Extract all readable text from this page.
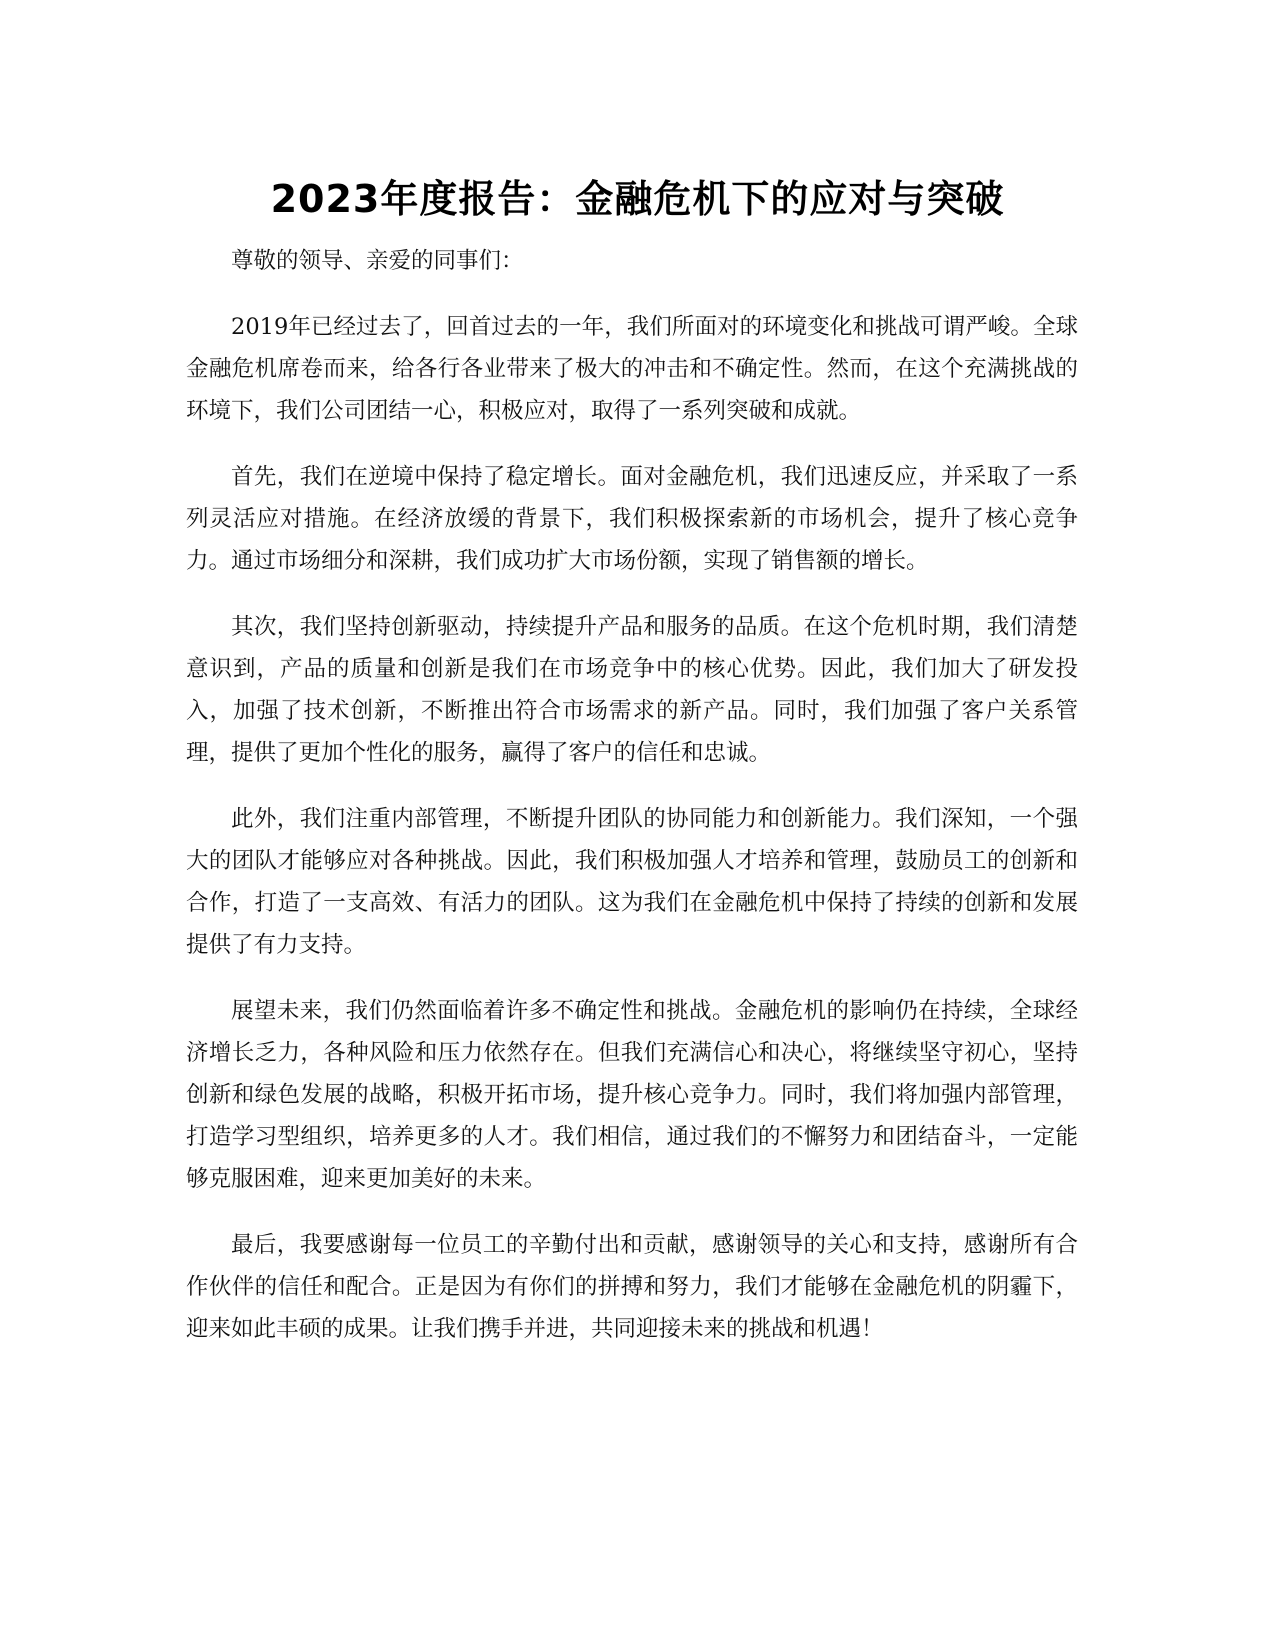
2023年度报告：金融危机下的应对与突破

尊敬的领导、亲爱的同事们：

2019年已经过去了，回首过去的一年，我们所面对的环境变化和挑战可谓严峻。全球金融危机席卷而来，给各行各业带来了极大的冲击和不确定性。然而，在这个充满挑战的环境下，我们公司团结一心，积极应对，取得了一系列突破和成就。

首先，我们在逆境中保持了稳定增长。面对金融危机，我们迅速反应，并采取了一系列灵活应对措施。在经济放缓的背景下，我们积极探索新的市场机会，提升了核心竞争力。通过市场细分和深耕，我们成功扩大市场份额，实现了销售额的增长。

其次，我们坚持创新驱动，持续提升产品和服务的品质。在这个危机时期，我们清楚意识到，产品的质量和创新是我们在市场竞争中的核心优势。因此，我们加大了研发投入，加强了技术创新，不断推出符合市场需求的新产品。同时，我们加强了客户关系管理，提供了更加个性化的服务，赢得了客户的信任和忠诚。

此外，我们注重内部管理，不断提升团队的协同能力和创新能力。我们深知，一个强大的团队才能够应对各种挑战。因此，我们积极加强人才培养和管理，鼓励员工的创新和合作，打造了一支高效、有活力的团队。这为我们在金融危机中保持了持续的创新和发展提供了有力支持。

展望未来，我们仍然面临着许多不确定性和挑战。金融危机的影响仍在持续，全球经济增长乏力，各种风险和压力依然存在。但我们充满信心和决心，将继续坚守初心，坚持创新和绿色发展的战略，积极开拓市场，提升核心竞争力。同时，我们将加强内部管理，打造学习型组织，培养更多的人才。我们相信，通过我们的不懈努力和团结奋斗，一定能够克服困难，迎来更加美好的未来。

最后，我要感谢每一位员工的辛勤付出和贡献，感谢领导的关心和支持，感谢所有合作伙伴的信任和配合。正是因为有你们的拼搏和努力，我们才能够在金融危机的阴霾下，迎来如此丰硕的成果。让我们携手并进，共同迎接未来的挑战和机遇！
